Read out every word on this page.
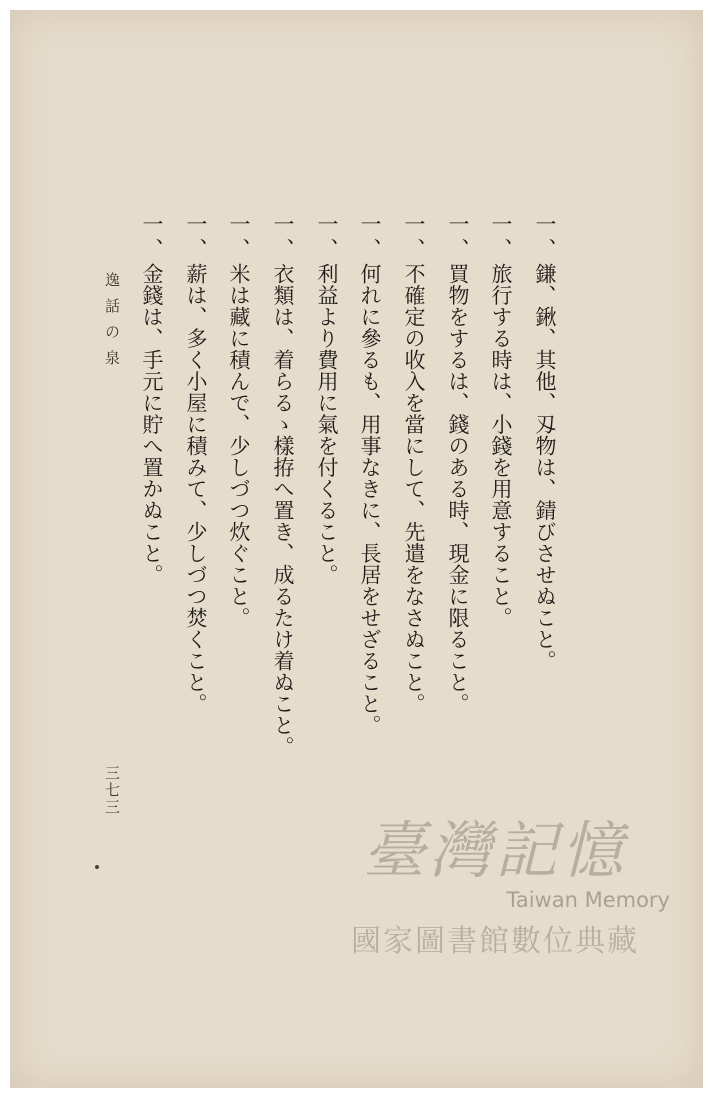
逸話の泉
三七三
一、鎌、鍬、其他、刄物は、錆びさせぬこと。
一、旅行する時は、小錢を用意すること。
一、買物をするは、錢のある時、現金に限ること。
一、不確定の收入を當にして、先遣をなさぬこと。
一、何れに參るも、用事なきに、長居をせざること。
一、利益より費用に氣を付くること。
一、衣類は、着らるゝ樣拵へ置き、成るたけ着ぬこと。
一、米は藏に積んで、少しづつ炊ぐこと。
一、薪は、多く小屋に積みて、少しづつ焚くこと。
一、金錢は、手元に貯へ置かぬこと。
臺灣記憶
Taiwan Memory
國家圖書館數位典藏
